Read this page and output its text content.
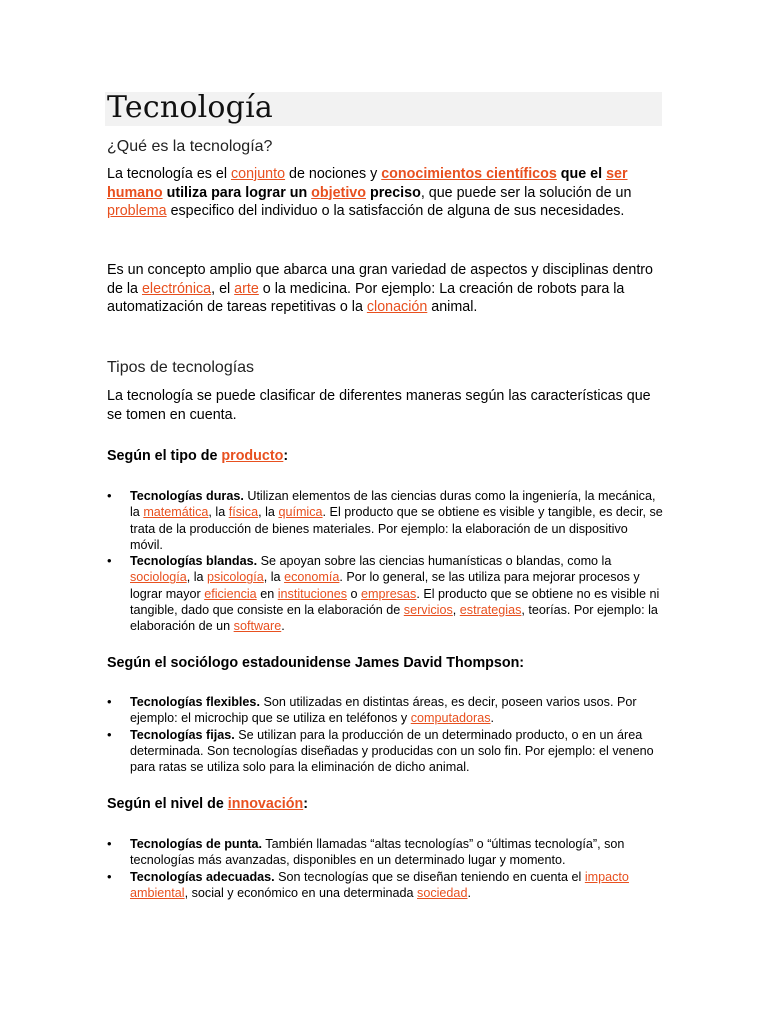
Tecnología
¿Qué es la tecnología?

La tecnología es el conjunto de nociones y conocimientos científicos que el ser humano utiliza para lograr un objetivo preciso, que puede ser la solución de un problema especifico del individuo o la satisfacción de alguna de sus necesidades.

Es un concepto amplio que abarca una gran variedad de aspectos y disciplinas dentro de la electrónica, el arte o la medicina. Por ejemplo: La creación de robots para la automatización de tareas repetitivas o la clonación animal.

Tipos de tecnologías

La tecnología se puede clasificar de diferentes maneras según las características que se tomen en cuenta.

Según el tipo de producto:

• Tecnologías duras. Utilizan elementos de las ciencias duras como la ingeniería, la mecánica, la matemática, la física, la química. El producto que se obtiene es visible y tangible, es decir, se trata de la producción de bienes materiales. Por ejemplo: la elaboración de un dispositivo móvil.
• Tecnologías blandas. Se apoyan sobre las ciencias humanísticas o blandas, como la sociología, la psicología, la economía. Por lo general, se las utiliza para mejorar procesos y lograr mayor eficiencia en instituciones o empresas. El producto que se obtiene no es visible ni tangible, dado que consiste en la elaboración de servicios, estrategias, teorías. Por ejemplo: la elaboración de un software.

Según el sociólogo estadounidense James David Thompson:

• Tecnologías flexibles. Son utilizadas en distintas áreas, es decir, poseen varios usos. Por ejemplo: el microchip que se utiliza en teléfonos y computadoras.
• Tecnologías fijas. Se utilizan para la producción de un determinado producto, o en un área determinada. Son tecnologías diseñadas y producidas con un solo fin. Por ejemplo: el veneno para ratas se utiliza solo para la eliminación de dicho animal.

Según el nivel de innovación:

• Tecnologías de punta. También llamadas “altas tecnologías” o “últimas tecnología”, son tecnologías más avanzadas, disponibles en un determinado lugar y momento.
• Tecnologías adecuadas. Son tecnologías que se diseñan teniendo en cuenta el impacto ambiental, social y económico en una determinada sociedad.
